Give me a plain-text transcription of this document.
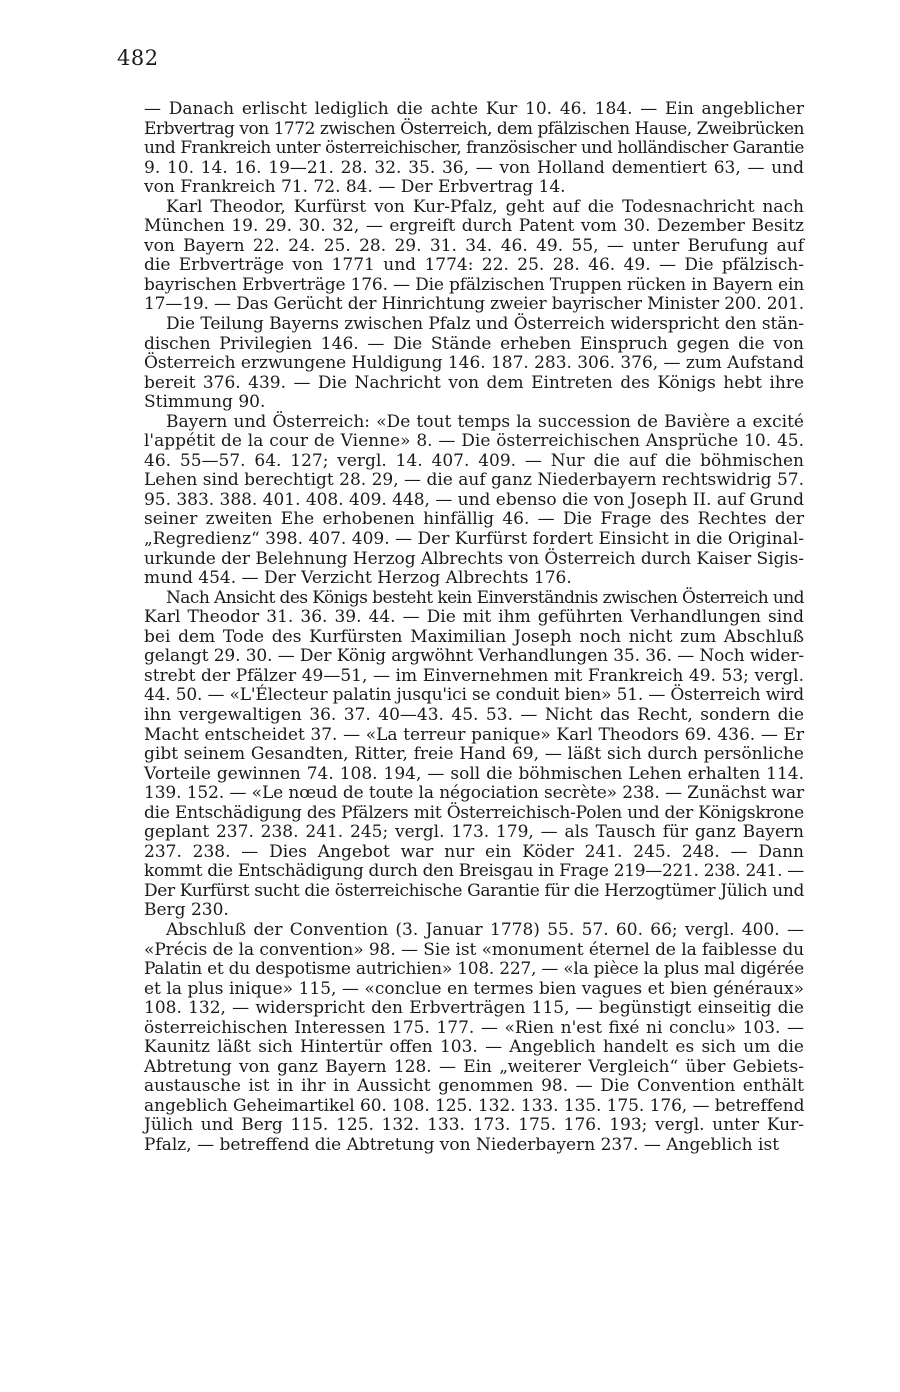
482
— Danach erlischt lediglich die achte Kur 10. 46. 184. — Ein angeblicher
Erbvertrag von 1772 zwischen Österreich, dem pfälzischen Hause, Zweibrücken
und Frankreich unter österreichischer, französischer und holländischer Garantie
9. 10. 14. 16. 19—21. 28. 32. 35. 36, — von Holland dementiert 63, — und
von Frankreich 71. 72. 84. — Der Erbvertrag 14.
Karl Theodor, Kurfürst von Kur-Pfalz, geht auf die Todesnachricht nach
München 19. 29. 30. 32, — ergreift durch Patent vom 30. Dezember Besitz
von Bayern 22. 24. 25. 28. 29. 31. 34. 46. 49. 55, — unter Berufung auf
die Erbverträge von 1771 und 1774: 22. 25. 28. 46. 49. — Die pfälzisch-
bayrischen Erbverträge 176. — Die pfälzischen Truppen rücken in Bayern ein
17—19. — Das Gerücht der Hinrichtung zweier bayrischer Minister 200. 201.
Die Teilung Bayerns zwischen Pfalz und Österreich widerspricht den stän-
dischen Privilegien 146. — Die Stände erheben Einspruch gegen die von
Österreich erzwungene Huldigung 146. 187. 283. 306. 376, — zum Aufstand
bereit 376. 439. — Die Nachricht von dem Eintreten des Königs hebt ihre
Stimmung 90.
Bayern und Österreich: «De tout temps la succession de Bavière a excité
l'appétit de la cour de Vienne» 8. — Die österreichischen Ansprüche 10. 45.
46. 55—57. 64. 127; vergl. 14. 407. 409. — Nur die auf die böhmischen
Lehen sind berechtigt 28. 29, — die auf ganz Niederbayern rechtswidrig 57.
95. 383. 388. 401. 408. 409. 448, — und ebenso die von Joseph II. auf Grund
seiner zweiten Ehe erhobenen hinfällig 46. — Die Frage des Rechtes der
„Regredienz“ 398. 407. 409. — Der Kurfürst fordert Einsicht in die Original-
urkunde der Belehnung Herzog Albrechts von Österreich durch Kaiser Sigis-
mund 454. — Der Verzicht Herzog Albrechts 176.
Nach Ansicht des Königs besteht kein Einverständnis zwischen Österreich und
Karl Theodor 31. 36. 39. 44. — Die mit ihm geführten Verhandlungen sind
bei dem Tode des Kurfürsten Maximilian Joseph noch nicht zum Abschluß
gelangt 29. 30. — Der König argwöhnt Verhandlungen 35. 36. — Noch wider-
strebt der Pfälzer 49—51, — im Einvernehmen mit Frankreich 49. 53; vergl.
44. 50. — «L'Électeur palatin jusqu'ici se conduit bien» 51. — Österreich wird
ihn vergewaltigen 36. 37. 40—43. 45. 53. — Nicht das Recht, sondern die
Macht entscheidet 37. — «La terreur panique» Karl Theodors 69. 436. — Er
gibt seinem Gesandten, Ritter, freie Hand 69, — läßt sich durch persönliche
Vorteile gewinnen 74. 108. 194, — soll die böhmischen Lehen erhalten 114.
139. 152. — «Le nœud de toute la négociation secrète» 238. — Zunächst war
die Entschädigung des Pfälzers mit Österreichisch-Polen und der Königskrone
geplant 237. 238. 241. 245; vergl. 173. 179, — als Tausch für ganz Bayern
237. 238. — Dies Angebot war nur ein Köder 241. 245. 248. — Dann
kommt die Entschädigung durch den Breisgau in Frage 219—221. 238. 241. —
Der Kurfürst sucht die österreichische Garantie für die Herzogtümer Jülich und
Berg 230.
Abschluß der Convention (3. Januar 1778) 55. 57. 60. 66; vergl. 400. —
«Précis de la convention» 98. — Sie ist «monument éternel de la faiblesse du
Palatin et du despotisme autrichien» 108. 227, — «la pièce la plus mal digérée
et la plus inique» 115, — «conclue en termes bien vagues et bien généraux»
108. 132, — widerspricht den Erbverträgen 115, — begünstigt einseitig die
österreichischen Interessen 175. 177. — «Rien n'est fixé ni conclu» 103. —
Kaunitz läßt sich Hintertür offen 103. — Angeblich handelt es sich um die
Abtretung von ganz Bayern 128. — Ein „weiterer Vergleich“ über Gebiets-
austausche ist in ihr in Aussicht genommen 98. — Die Convention enthält
angeblich Geheimartikel 60. 108. 125. 132. 133. 135. 175. 176, — betreffend
Jülich und Berg 115. 125. 132. 133. 173. 175. 176. 193; vergl. unter Kur-
Pfalz, — betreffend die Abtretung von Niederbayern 237. — Angeblich ist
